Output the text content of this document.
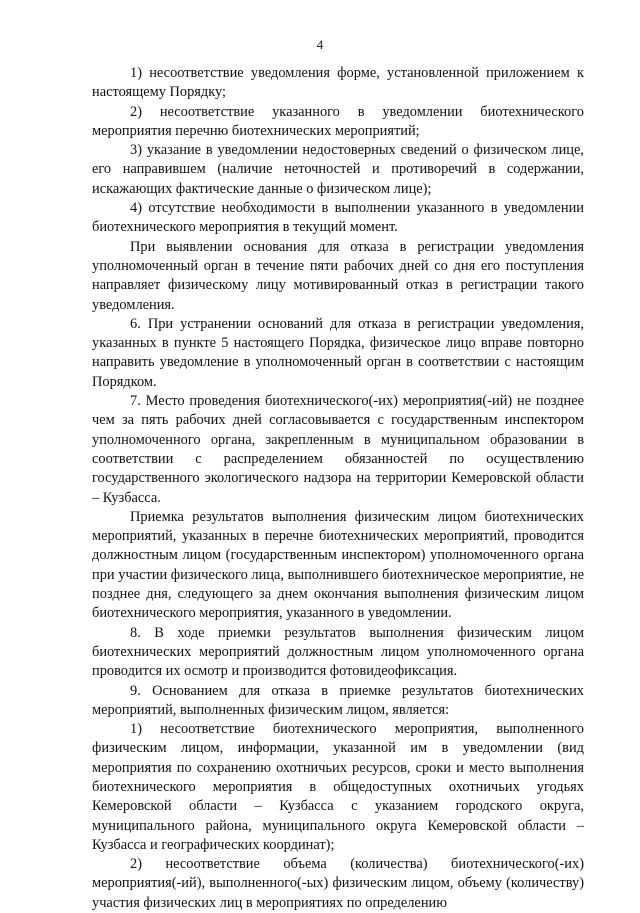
4

1) несоответствие уведомления форме, установленной приложением к настоящему Порядку;

2) несоответствие указанного в уведомлении биотехнического мероприятия перечню биотехнических мероприятий;

3) указание в уведомлении недостоверных сведений о физическом лице, его направившем (наличие неточностей и противоречий в содержании, искажающих фактические данные о физическом лице);

4) отсутствие необходимости в выполнении указанного в уведомлении биотехнического мероприятия в текущий момент.

При выявлении основания для отказа в регистрации уведомления уполномоченный орган в течение пяти рабочих дней со дня его поступления направляет физическому лицу мотивированный отказ в регистрации такого уведомления.

6. При устранении оснований для отказа в регистрации уведомления, указанных в пункте 5 настоящего Порядка, физическое лицо вправе повторно направить уведомление в уполномоченный орган в соответствии с настоящим Порядком.

7. Место проведения биотехнического(-их) мероприятия(-ий) не позднее чем за пять рабочих дней согласовывается с государственным инспектором уполномоченного органа, закрепленным в муниципальном образовании в соответствии с распределением обязанностей по осуществлению государственного экологического надзора на территории Кемеровской области – Кузбасса.

Приемка результатов выполнения физическим лицом биотехнических мероприятий, указанных в перечне биотехнических мероприятий, проводится должностным лицом (государственным инспектором) уполномоченного органа при участии физического лица, выполнившего биотехническое мероприятие, не позднее дня, следующего за днем окончания выполнения физическим лицом биотехнического мероприятия, указанного в уведомлении.

8. В ходе приемки результатов выполнения физическим лицом биотехнических мероприятий должностным лицом уполномоченного органа проводится их осмотр и производится фотовидеофиксация.

9. Основанием для отказа в приемке результатов биотехнических мероприятий, выполненных физическим лицом, является:

1) несоответствие биотехнического мероприятия, выполненного физическим лицом, информации, указанной им в уведомлении (вид мероприятия по сохранению охотничьих ресурсов, сроки и место выполнения биотехнического мероприятия в общедоступных охотничьих угодьях Кемеровской области – Кузбасса с указанием городского округа, муниципального района, муниципального округа Кемеровской области – Кузбасса и географических координат);

2) несоответствие объема (количества) биотехнического(-их) мероприятия(-ий), выполненного(-ых) физическим лицом, объему (количеству) участия физических лиц в мероприятиях по определению
